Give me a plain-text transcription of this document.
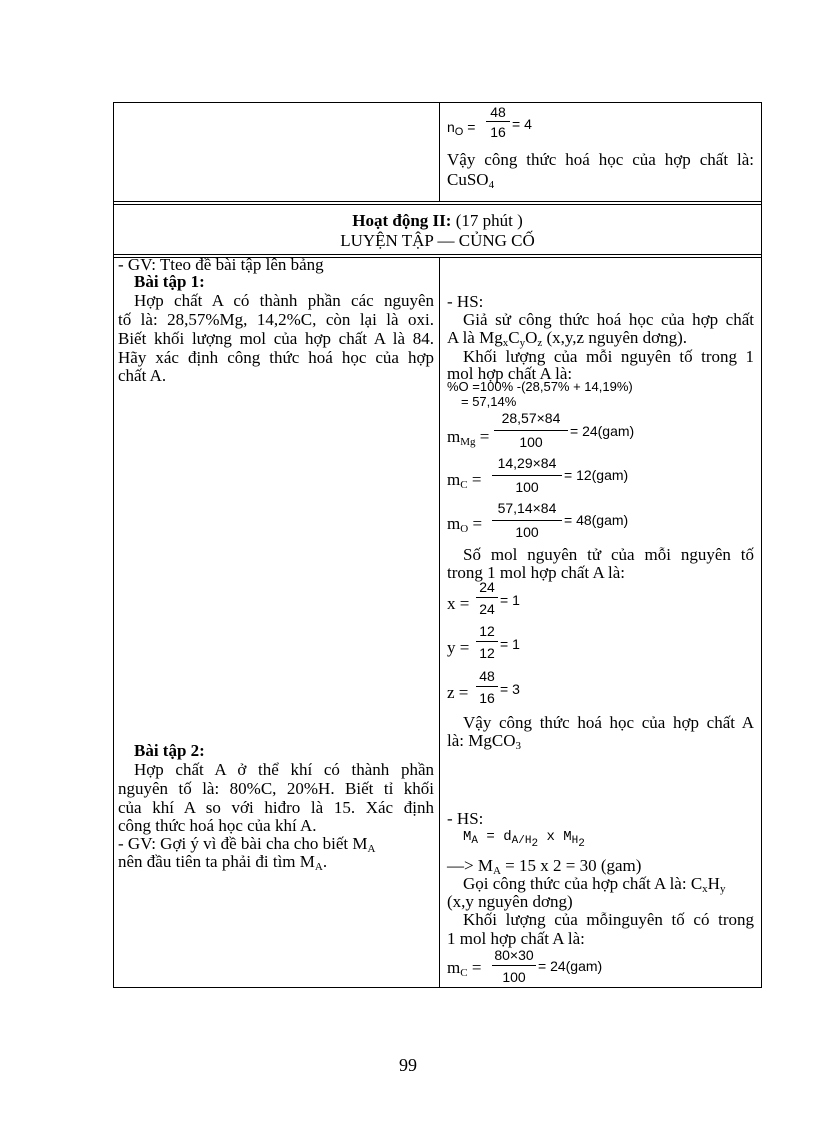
$n_O$ =
48
16 = 4
Vậy công thức hoá học của hợp chất là:
CuSO$_4$
Hoạt động II: (17 phút )
LUYỆN TẬP — CỦNG CỐ
- GV: Tteo đề bài tập lên bảng
Bài tập 1:
Hợp chất A có thành phần các nguyên
tố là: 28,57%Mg, 14,2%C, còn lại là oxi.
Biết khối lượng mol của hợp chất A là 84.
Hãy xác định công thức hoá học của hợp
chất A.
Bài tập 2:
Hợp chất A ở thể khí có thành phần
nguyên tố là: 80%C, 20%H. Biết tỉ khối
của khí A so với hiđro là 15. Xác định
công thức hoá học của khí A.
- GV: Gợi ý vì đề bài cha cho biết $M_A$
nên đầu tiên ta phải đi tìm $M_A$.
- HS:
Giả sử công thức hoá học của hợp chất
A là $Mg_xC_yO_z$ (x,y,z nguyên dơng).
Khối lượng của mỗi nguyên tố trong 1
mol hợp chất A là:
%O =100% -(28,57% + 14,19%)
= 57,14%
$m_{Mg}$ =
28,57×84
100
= 24(gam)
$m_C$ =
14,29×84
100
= 12(gam)
$m_O$ =
57,14×84
100
= 48(gam)
Số mol nguyên tử của mỗi nguyên tố
trong 1 mol hợp chất A là:
x =
24
24
= 1
y =
12
12
= 1
z =
48
16
= 3
Vậy công thức hoá học của hợp chất A
là: MgCO$_3$
- HS:
$M_A = d_{A/H_2}$ x $M_{H_2}$
—> $M_A = 15$ x 2 = 30 (gam)
Gọi công thức của hợp chất A là: $C_xH_y$
(x,y nguyên dơng)
Khối lượng của mỗinguyên tố có trong
1 mol hợp chất A là:
$m_C$ =
80×30
100
= 24(gam)
99
